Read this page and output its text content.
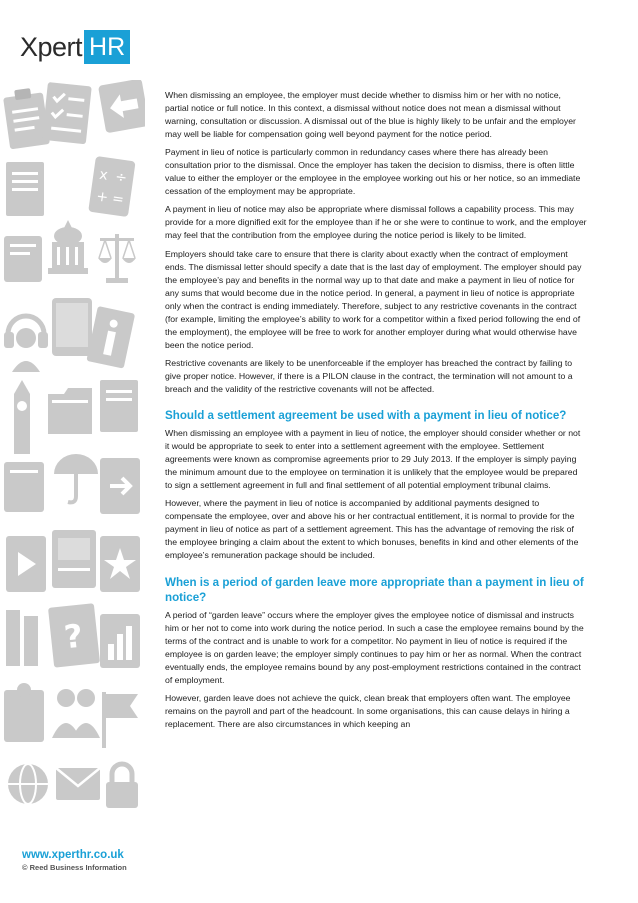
Xpert HR
x ÷
+ =
?

When dismissing an employee, the employer must decide whether to dismiss him or her with no notice, partial notice or full notice. In this context, a dismissal without notice does not mean a dismissal without warning, consultation or discussion. A dismissal out of the blue is highly likely to be unfair and the employer may well be liable for compensation going well beyond payment for the notice period.

Payment in lieu of notice is particularly common in redundancy cases where there has already been consultation prior to the dismissal. Once the employer has taken the decision to dismiss, there is often little value to either the employer or the employee in the employee working out his or her notice, so an immediate cessation of the employment may be appropriate.

A payment in lieu of notice may also be appropriate where dismissal follows a capability process. This may provide for a more dignified exit for the employee than if he or she were to continue to work, and the employer may feel that the contribution from the employee during the notice period is likely to be limited.

Employers should take care to ensure that there is clarity about exactly when the contract of employment ends. The dismissal letter should specify a date that is the last day of employment. The employer should pay the employee’s pay and benefits in the normal way up to that date and make a payment in lieu of notice for any sums that would become due in the notice period. In general, a payment in lieu of notice is appropriate only when the contract is ending immediately. Therefore, subject to any restrictive covenants in the contract (for example, limiting the employee’s ability to work for a competitor within a fixed period following the end of the employment), the employee will be free to work for another employer during what would otherwise have been the notice period.

Restrictive covenants are likely to be unenforceable if the employer has breached the contract by failing to give proper notice. However, if there is a PILON clause in the contract, the termination will not amount to a breach and the validity of the restrictive covenants will not be affected.

Should a settlement agreement be used with a payment in lieu of notice?

When dismissing an employee with a payment in lieu of notice, the employer should consider whether or not it would be appropriate to seek to enter into a settlement agreement with the employee. Settlement agreements were known as compromise agreements prior to 29 July 2013. If the employer is simply paying the minimum amount due to the employee on termination it is unlikely that the employee would be prepared to sign a settlement agreement in full and final settlement of all potential employment tribunal claims.

However, where the payment in lieu of notice is accompanied by additional payments designed to compensate the employee, over and above his or her contractual entitlement, it is normal to provide for the payment in lieu of notice as part of a settlement agreement. This has the advantage of removing the risk of the employee bringing a claim about the extent to which bonuses, benefits in kind and other elements of the employee’s remuneration package should be included.

When is a period of garden leave more appropriate than a payment in lieu of notice?

A period of “garden leave” occurs where the employer gives the employee notice of dismissal and instructs him or her not to come into work during the notice period. In such a case the employee remains bound by the terms of the contract and is unable to work for a competitor. No payment in lieu of notice is required if the employee is on garden leave; the employer simply continues to pay him or her as normal. When the contract eventually ends, the employee remains bound by any post-employment restrictions contained in the contract of employment.

However, garden leave does not achieve the quick, clean break that employers often want. The employee remains on the payroll and part of the headcount. In some organisations, this can cause delays in hiring a replacement. There are also circumstances in which keeping an

www.xperthr.co.uk
© Reed Business Information
